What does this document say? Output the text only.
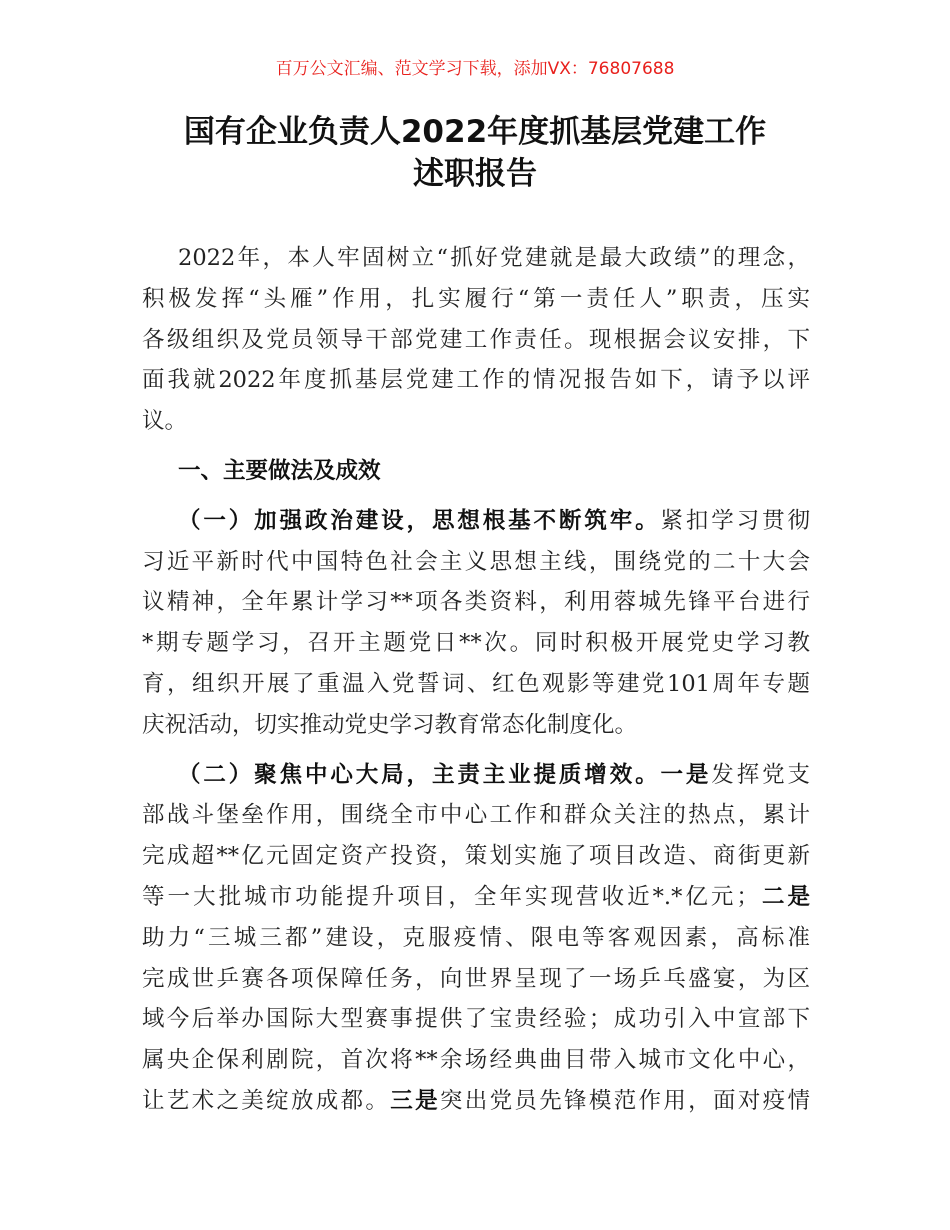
百万公文汇编、范文学习下载，添加VX：76807688
国有企业负责人2022年度抓基层党建工作
述职报告
2022年，本人牢固树立“抓好党建就是最大政绩”的理念，
积极发挥“头雁”作用，扎实履行“第一责任人”职责，压实
各级组织及党员领导干部党建工作责任。现根据会议安排，下
面我就2022年度抓基层党建工作的情况报告如下，请予以评
议。
一、主要做法及成效
（一）加强政治建设，思想根基不断筑牢。紧扣学习贯彻
习近平新时代中国特色社会主义思想主线，围绕党的二十大会
议精神，全年累计学习**项各类资料，利用蓉城先锋平台进行
*期专题学习，召开主题党日**次。同时积极开展党史学习教
育，组织开展了重温入党誓词、红色观影等建党101周年专题
庆祝活动，切实推动党史学习教育常态化制度化。
（二）聚焦中心大局，主责主业提质增效。一是发挥党支
部战斗堡垒作用，围绕全市中心工作和群众关注的热点，累计
完成超**亿元固定资产投资，策划实施了项目改造、商街更新
等一大批城市功能提升项目，全年实现营收近*.*亿元；二是
助力“三城三都”建设，克服疫情、限电等客观因素，高标准
完成世乒赛各项保障任务，向世界呈现了一场乒乓盛宴，为区
域今后举办国际大型赛事提供了宝贵经验；成功引入中宣部下
属央企保利剧院，首次将**余场经典曲目带入城市文化中心，
让艺术之美绽放成都。三是突出党员先锋模范作用，面对疫情
